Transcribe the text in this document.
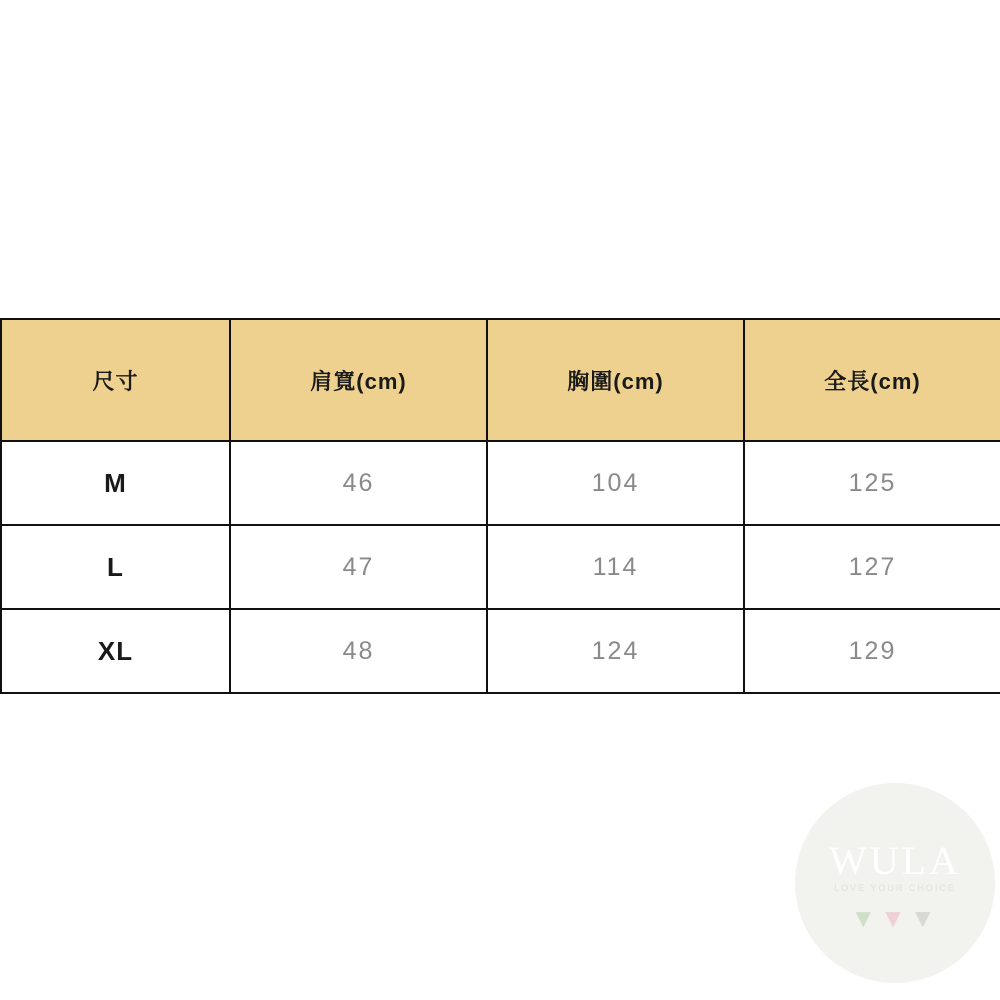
尺寸	肩寬(cm)	胸圍(cm)	全長(cm)
M	46	104	125
L	47	114	127
XL	48	124	129
WULA
LOVE YOUR CHOICE
▼▼▼
